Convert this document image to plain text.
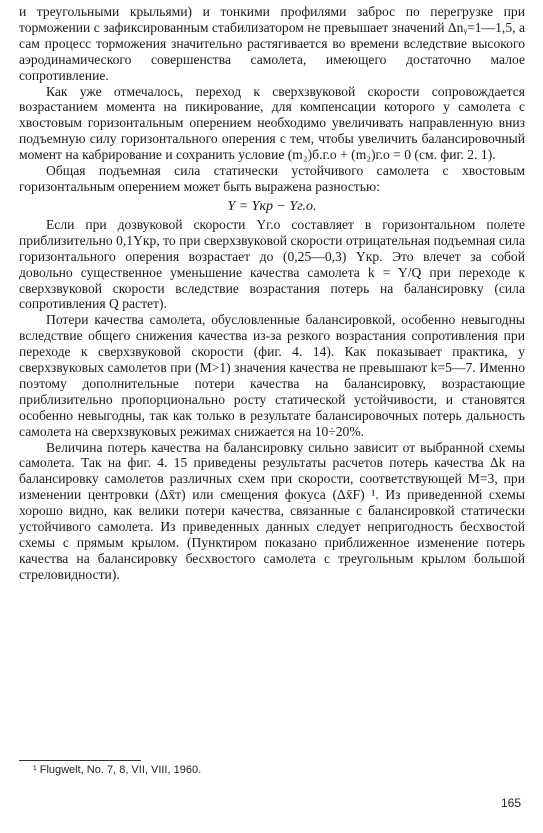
и треугольными крыльями) и тонкими профилями заброс по перегрузке при торможении с зафиксированным стабилизатором не превышает значений Δnᵧ=1—1,5, а сам процесс торможения значительно растягивается во времени вследствие высокого аэродинамического совершенства самолета, имеющего достаточно малое сопротивление.

Как уже отмечалось, переход к сверхзвуковой скорости сопровождается возрастанием момента на пикирование, для компенсации которого у самолета с хвостовым горизонтальным оперением необходимо увеличивать направленную вниз подъемную силу горизонтального оперения с тем, чтобы увеличить балансировочный момент на кабрирование и сохранить условие (m₂)б.г.о + (m₂)г.о = 0 (см. фиг. 2. 1).

Общая подъемная сила статически устойчивого самолета с хвостовым горизонтальным оперением может быть выражена разностью:

Y = Yкр − Yг.о.

Если при дозвуковой скорости Yг.о составляет в горизонтальном полете приблизительно 0,1Yкр, то при сверхзвуковой скорости отрицательная подъемная сила горизонтального оперения возрастает до (0,25—0,3) Yкр. Это влечет за собой довольно существенное уменьшение качества самолета k = Y/Q при переходе к сверхзвуковой скорости вследствие возрастания потерь на балансировку (сила сопротивления Q растет).

Потери качества самолета, обусловленные балансировкой, особенно невыгодны вследствие общего снижения качества из-за резкого возрастания сопротивления при переходе к сверхзвуковой скорости (фиг. 4. 14). Как показывает практика, у сверхзвуковых самолетов при (M>1) значения качества не превышают k=5—7. Именно поэтому дополнительные потери качества на балансировку, возрастающие приблизительно пропорционально росту статической устойчивости, и становятся особенно невыгодны, так как только в результате балансировочных потерь дальность самолета на сверхзвуковых режимах снижается на 10÷20%.

Величина потерь качества на балансировку сильно зависит от выбранной схемы самолета. Так на фиг. 4. 15 приведены результаты расчетов потерь качества Δk на балансировку самолетов различных схем при скорости, соответствующей M=3, при изменении центровки (Δx̄т) или смещения фокуса (Δx̄F) ¹. Из приведенной схемы хорошо видно, как велики потери качества, связанные с балансировкой статически устойчивого самолета. Из приведенных данных следует непригодность бесхвостой схемы с прямым крылом. (Пунктиром показано приближенное изменение потерь качества на балансировку бесхвостого самолета с треугольным крылом большой стреловидности).

¹ Flugwelt, No. 7, 8, VII, VIII, 1960.
165
